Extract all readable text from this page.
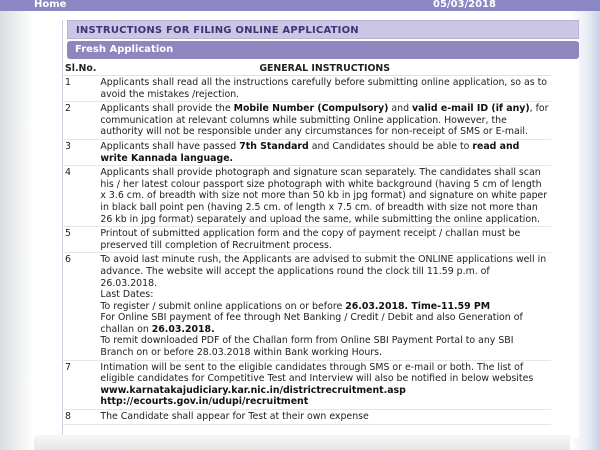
Home	05/03/2018
INSTRUCTIONS FOR FILING ONLINE APPLICATION
Fresh Application
Sl.No.	GENERAL INSTRUCTIONS
1	Applicants shall read all the instructions carefully before submitting online application, so as to avoid the mistakes /rejection.
2	Applicants shall provide the Mobile Number (Compulsory) and valid e-mail ID (if any), for communication at relevant columns while submitting Online application. However, the authority will not be responsible under any circumstances for non-receipt of SMS or E-mail.
3	Applicants shall have passed 7th Standard and Candidates should be able to read and write Kannada language.
4	Applicants shall provide photograph and signature scan separately. The candidates shall scan his / her latest colour passport size photograph with white background (having 5 cm of length x 3.6 cm. of breadth with size not more than 50 kb in jpg format) and signature on white paper in black ball point pen (having 2.5 cm. of length x 7.5 cm. of breadth with size not more than 26 kb in jpg format) separately and upload the same, while submitting the online application.
5	Printout of submitted application form and the copy of payment receipt / challan must be preserved till completion of Recruitment process.
6	To avoid last minute rush, the Applicants are advised to submit the ONLINE applications well in advance. The website will accept the applications round the clock till 11.59 p.m. of 26.03.2018.
Last Dates:
To register / submit online applications on or before 26.03.2018. Time-11.59 PM
For Online SBI payment of fee through Net Banking / Credit / Debit and also Generation of challan on 26.03.2018.
To remit downloaded PDF of the Challan form from Online SBI Payment Portal to any SBI Branch on or before 28.03.2018 within Bank working Hours.

7	Intimation will be sent to the eligible candidates through SMS or e-mail or both. The list of eligible candidates for Competitive Test and Interview will also be notified in below websites
www.karnatakajudiciary.kar.nic.in/districtrecruitment.asp
http://ecourts.gov.in/udupi/recruitment

8	The Candidate shall appear for Test at their own expense
